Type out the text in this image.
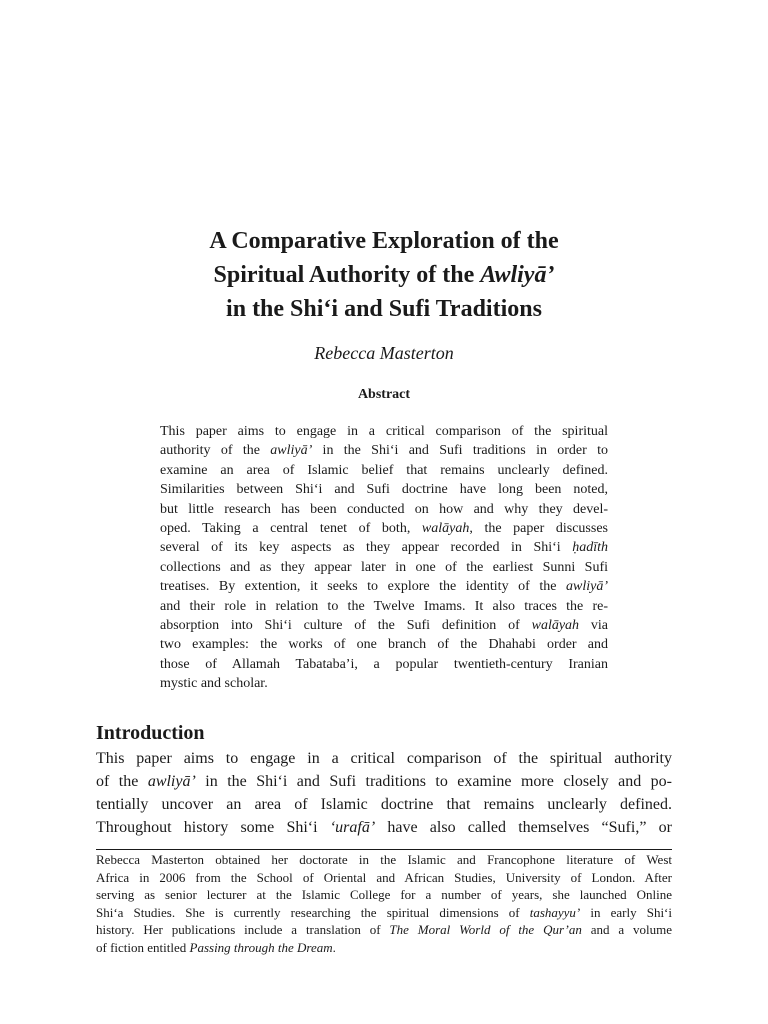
A Comparative Exploration of the
Spiritual Authority of the Awliyā’
in the Shi‘i and Sufi Traditions
Rebecca Masterton
Abstract
This paper aims to engage in a critical comparison of the spiritual
authority of the awliyā’ in the Shi‘i and Sufi traditions in order to
examine an area of Islamic belief that remains unclearly defined.
Similarities between Shi‘i and Sufi doctrine have long been noted,
but little research has been conducted on how and why they devel-
oped. Taking a central tenet of both, walāyah, the paper discusses
several of its key aspects as they appear recorded in Shi‘i ḥadīth
collections and as they appear later in one of the earliest Sunni Sufi
treatises. By extention, it seeks to explore the identity of the awliyā’
and their role in relation to the Twelve Imams. It also traces the re-
absorption into Shi‘i culture of the Sufi definition of walāyah via
two examples: the works of one branch of the Dhahabi order and
those of Allamah Tabataba’i, a popular twentieth-century Iranian
mystic and scholar.
Introduction
This paper aims to engage in a critical comparison of the spiritual authority
of the awliyā’ in the Shi‘i and Sufi traditions to examine more closely and po-
tentially uncover an area of Islamic doctrine that remains unclearly defined.
Throughout history some Shi‘i ‘urafā’ have also called themselves “Sufi,” or
Rebecca Masterton obtained her doctorate in the Islamic and Francophone literature of West
Africa in 2006 from the School of Oriental and African Studies, University of London. After
serving as senior lecturer at the Islamic College for a number of years, she launched Online
Shi‘a Studies. She is currently researching the spiritual dimensions of tashayyu’ in early Shi‘i
history. Her publications include a translation of The Moral World of the Qur’an and a volume
of fiction entitled Passing through the Dream.
